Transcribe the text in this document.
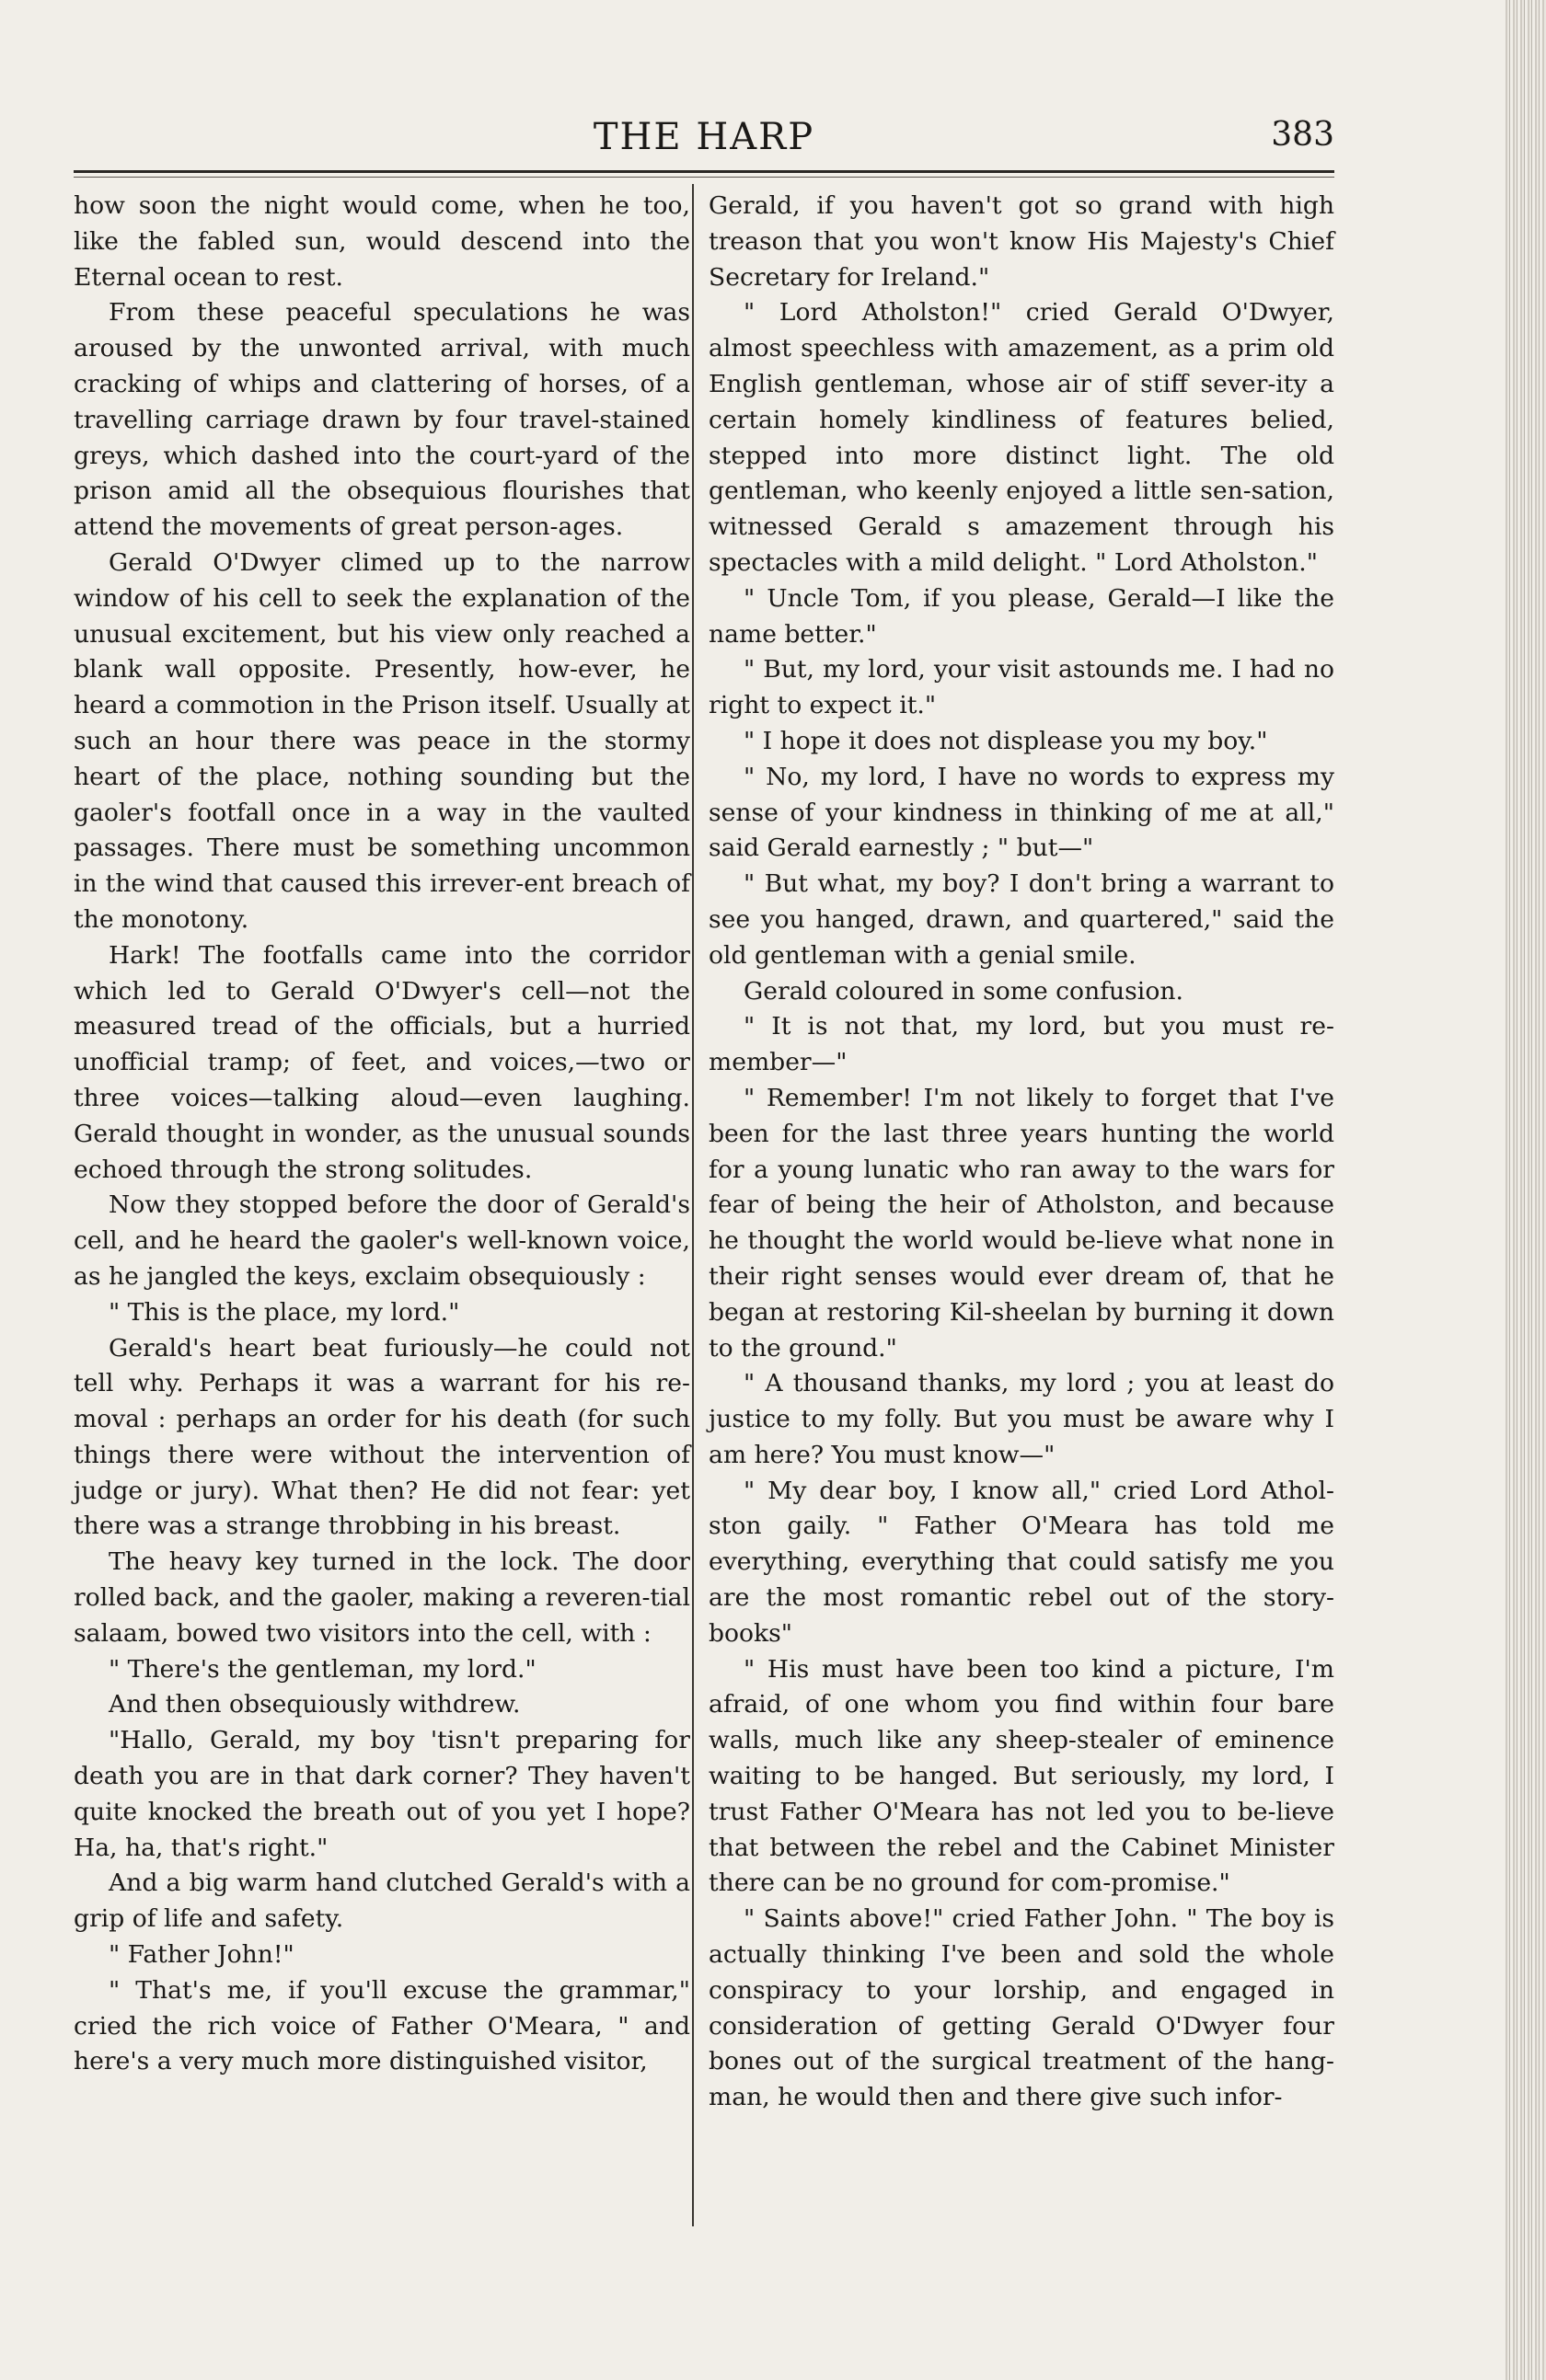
THE HARP	383

how soon the night would come, when he too, like the fabled sun, would descend into the Eternal ocean to rest.

From these peaceful speculations he was aroused by the unwonted arrival, with much cracking of whips and clattering of horses, of a travelling carriage drawn by four travel-stained greys, which dashed into the court-yard of the prison amid all the obsequious flourishes that attend the movements of great person-ages.

Gerald O'Dwyer climed up to the narrow window of his cell to seek the explanation of the unusual excitement, but his view only reached a blank wall opposite. Presently, how-ever, he heard a commotion in the Prison itself. Usually at such an hour there was peace in the stormy heart of the place, nothing sounding but the gaoler's footfall once in a way in the vaulted passages. There must be something uncommon in the wind that caused this irrever-ent breach of the monotony.

Hark! The footfalls came into the corridor which led to Gerald O'Dwyer's cell—not the measured tread of the officials, but a hurried unofficial tramp; of feet, and voices,—two or three voices—talking aloud—even laughing. Gerald thought in wonder, as the unusual sounds echoed through the strong solitudes.

Now they stopped before the door of Gerald's cell, and he heard the gaoler's well-known voice, as he jangled the keys, exclaim obsequiously :

" This is the place, my lord."

Gerald's heart beat furiously—he could not tell why. Perhaps it was a warrant for his re-moval : perhaps an order for his death (for such things there were without the intervention of judge or jury). What then? He did not fear: yet there was a strange throbbing in his breast.

The heavy key turned in the lock. The door rolled back, and the gaoler, making a reveren-tial salaam, bowed two visitors into the cell, with :

" There's the gentleman, my lord."

And then obsequiously withdrew.

"Hallo, Gerald, my boy 'tisn't preparing for death you are in that dark corner? They haven't quite knocked the breath out of you yet I hope? Ha, ha, that's right."

And a big warm hand clutched Gerald's with a grip of life and safety.

" Father John!"

" That's me, if you'll excuse the grammar," cried the rich voice of Father O'Meara, " and here's a very much more distinguished visitor,

Gerald, if you haven't got so grand with high treason that you won't know His Majesty's Chief Secretary for Ireland."

" Lord Atholston!" cried Gerald O'Dwyer, almost speechless with amazement, as a prim old English gentleman, whose air of stiff sever-ity a certain homely kindliness of features belied, stepped into more distinct light. The old gentleman, who keenly enjoyed a little sen-sation, witnessed Gerald s amazement through his spectacles with a mild delight. " Lord Atholston."

" Uncle Tom, if you please, Gerald—I like the name better."

" But, my lord, your visit astounds me. I had no right to expect it."

" I hope it does not displease you my boy."

" No, my lord, I have no words to express my sense of your kindness in thinking of me at all," said Gerald earnestly ; " but—"

" But what, my boy? I don't bring a warrant to see you hanged, drawn, and quartered," said the old gentleman with a genial smile.

Gerald coloured in some confusion.

" It is not that, my lord, but you must re-member—"

" Remember! I'm not likely to forget that I've been for the last three years hunting the world for a young lunatic who ran away to the wars for fear of being the heir of Atholston, and because he thought the world would be-lieve what none in their right senses would ever dream of, that he began at restoring Kil-sheelan by burning it down to the ground."

" A thousand thanks, my lord ; you at least do justice to my folly. But you must be aware why I am here? You must know—"

" My dear boy, I know all," cried Lord Athol-ston gaily. " Father O'Meara has told me everything, everything that could satisfy me you are the most romantic rebel out of the story-books"

" His must have been too kind a picture, I'm afraid, of one whom you find within four bare walls, much like any sheep-stealer of eminence waiting to be hanged. But seriously, my lord, I trust Father O'Meara has not led you to be-lieve that between the rebel and the Cabinet Minister there can be no ground for com-promise."

" Saints above!" cried Father John. " The boy is actually thinking I've been and sold the whole conspiracy to your lorship, and engaged in consideration of getting Gerald O'Dwyer four bones out of the surgical treatment of the hang-man, he would then and there give such infor-
